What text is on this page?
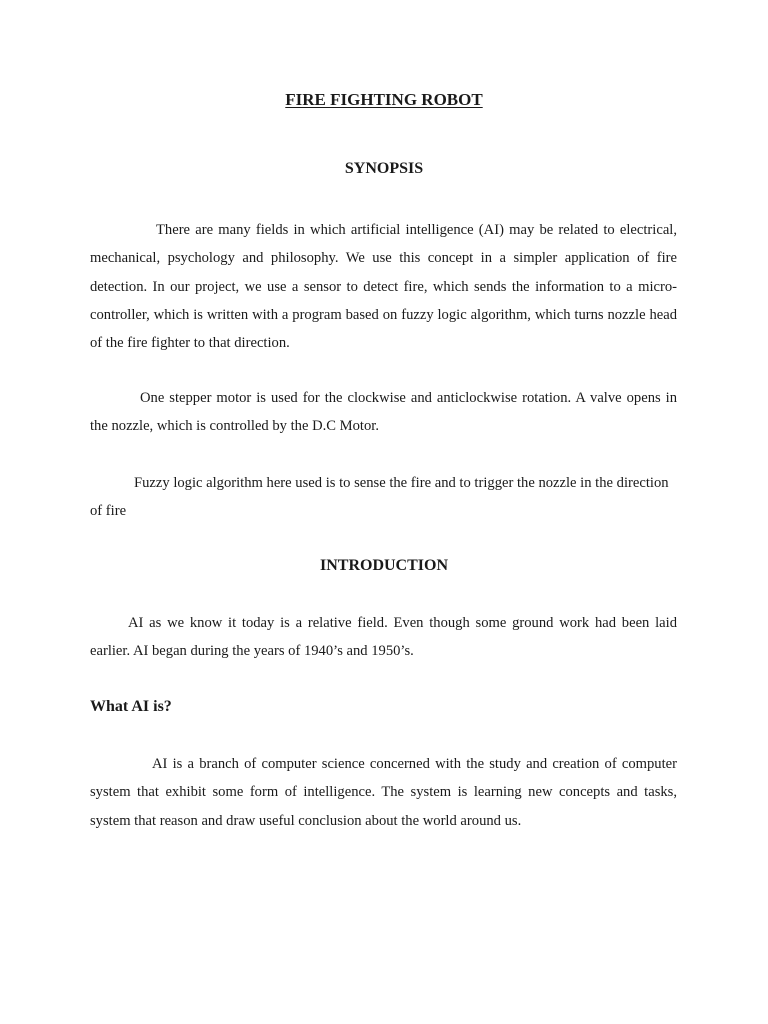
FIRE FIGHTING ROBOT
SYNOPSIS

There are many fields in which artificial intelligence (AI) may be related to electrical, mechanical, psychology and philosophy. We use this concept in a simpler application of fire detection. In our project, we use a sensor to detect fire, which sends the information to a micro-controller, which is written with a program based on fuzzy logic algorithm, which turns nozzle head of the fire fighter to that direction.

One stepper motor is used for the clockwise and anticlockwise rotation. A valve opens in the nozzle, which is controlled by the D.C Motor.

Fuzzy logic algorithm here used is to sense the fire and to trigger the nozzle in the direction of fire

INTRODUCTION

AI as we know it today is a relative field. Even though some ground work had been laid earlier. AI began during the years of 1940’s and 1950’s.

What AI is?

AI is a branch of computer science concerned with the study and creation of computer system that exhibit some form of intelligence. The system is learning new concepts and tasks, system that reason and draw useful conclusion about the world around us.
